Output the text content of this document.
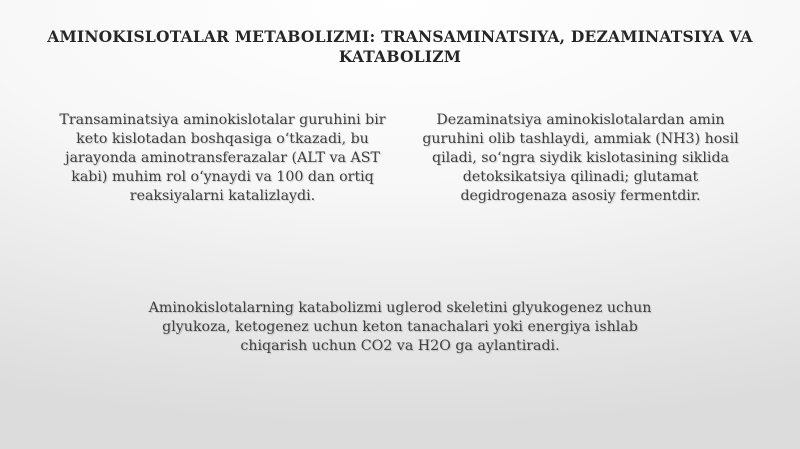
AMINOKISLOTALAR METABOLIZMI: TRANSAMINATSIYA, DEZAMINATSIYA VA KATABOLIZM

Transaminatsiya aminokislotalar guruhini bir keto kislotadan boshqasiga oʻtkazadi, bu jarayonda aminotransferazalar (ALT va AST kabi) muhim rol oʻynaydi va 100 dan ortiq reaksiyalarni katalizlaydi.

Dezaminatsiya aminokislotalardan amin guruhini olib tashlaydi, ammiak (NH3) hosil qiladi, soʻngra siydik kislotasining siklida detoksikatsiya qilinadi; glutamat degidrogenaza asosiy fermentdir.

Aminokislotalarning katabolizmi uglerod skeletini glyukogenez uchun glyukoza, ketogenez uchun keton tanachalari yoki energiya ishlab chiqarish uchun CO2 va H2O ga aylantiradi.
